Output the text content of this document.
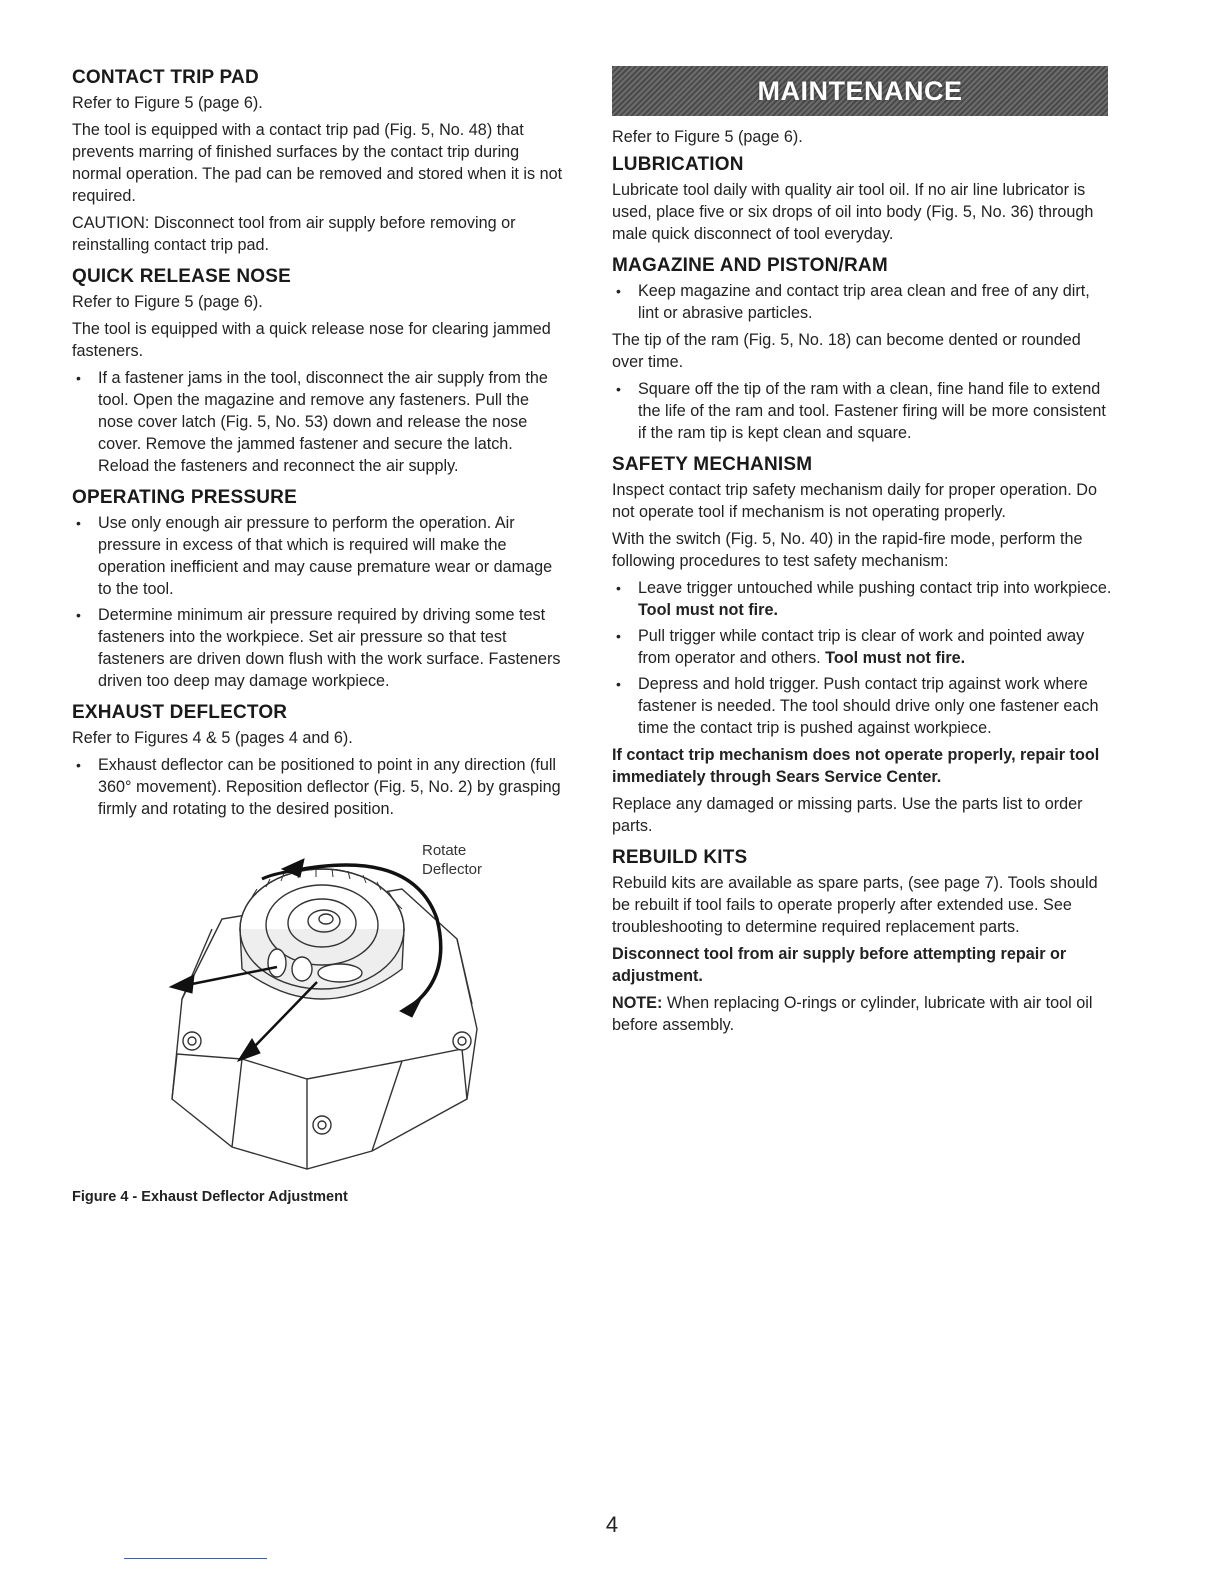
CONTACT TRIP PAD

Refer to Figure 5 (page 6).

The tool is equipped with a contact trip pad (Fig. 5, No. 48) that prevents marring of finished surfaces by the contact trip during normal operation. The pad can be removed and stored when it is not required.

CAUTION: Disconnect tool from air supply before removing or reinstalling contact trip pad.

QUICK RELEASE NOSE

Refer to Figure 5 (page 6).

The tool is equipped with a quick release nose for clearing jammed fasteners.

• If a fastener jams in the tool, disconnect the air supply from the tool. Open the magazine and remove any fasteners. Pull the nose cover latch (Fig. 5, No. 53) down and release the nose cover. Remove the jammed fastener and secure the latch. Reload the fasteners and reconnect the air supply.
OPERATING PRESSURE
• Use only enough air pressure to perform the operation. Air pressure in excess of that which is required will make the operation inefficient and may cause premature wear or damage to the tool.
• Determine minimum air pressure required by driving some test fasteners into the workpiece. Set air pressure so that test fasteners are driven down flush with the work surface. Fasteners driven too deep may damage workpiece.
EXHAUST DEFLECTOR

Refer to Figures 4 & 5 (pages 4 and 6).

• Exhaust deflector can be positioned to point in any direction (full 360° movement). Reposition deflector (Fig. 5, No. 2) by grasping firmly and rotating to the desired position.
Rotate
Deflector
Figure 4 - Exhaust Deflector Adjustment
MAINTENANCE

Refer to Figure 5 (page 6).

LUBRICATION

Lubricate tool daily with quality air tool oil. If no air line lubricator is used, place five or six drops of oil into body (Fig. 5, No. 36) through male quick disconnect of tool everyday.

MAGAZINE AND PISTON/RAM
• Keep magazine and contact trip area clean and free of any dirt, lint or abrasive particles.

The tip of the ram (Fig. 5, No. 18) can become dented or rounded over time.

• Square off the tip of the ram with a clean, fine hand file to extend the life of the ram and tool. Fastener firing will be more consistent if the ram tip is kept clean and square.
SAFETY MECHANISM

Inspect contact trip safety mechanism daily for proper operation. Do not operate tool if mechanism is not operating properly.

With the switch (Fig. 5, No. 40) in the rapid-fire mode, perform the following procedures to test safety mechanism:

• Leave trigger untouched while pushing contact trip into workpiece. Tool must not fire.
• Pull trigger while contact trip is clear of work and pointed away from operator and others. Tool must not fire.
• Depress and hold trigger. Push contact trip against work where fastener is needed. The tool should drive only one fastener each time the contact trip is pushed against workpiece.

If contact trip mechanism does not operate properly, repair tool immediately through Sears Service Center.

Replace any damaged or missing parts. Use the parts list to order parts.

REBUILD KITS

Rebuild kits are available as spare parts, (see page 7). Tools should be rebuilt if tool fails to operate properly after extended use. See troubleshooting to determine required replacement parts.

Disconnect tool from air supply before attempting repair or adjustment.

NOTE: When replacing O-rings or cylinder, lubricate with air tool oil before assembly.

4
